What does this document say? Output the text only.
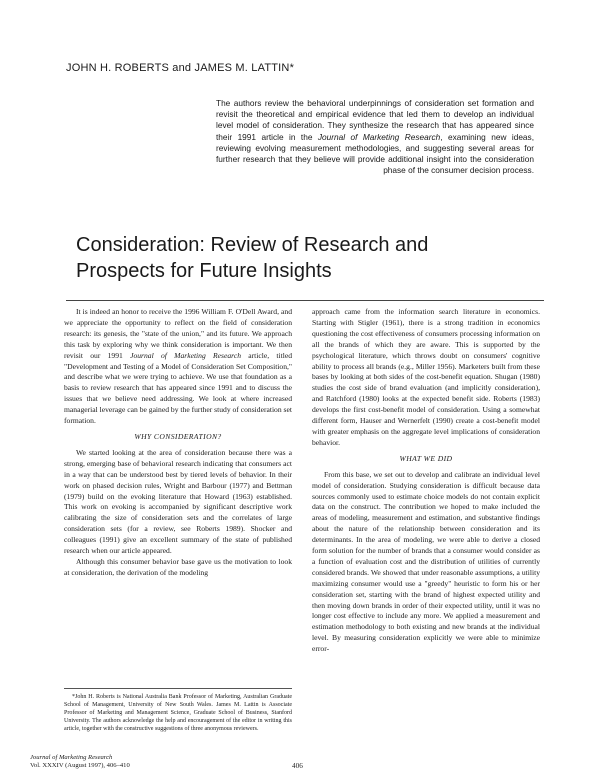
JOHN H. ROBERTS and JAMES M. LATTIN*
The authors review the behavioral underpinnings of consideration set formation and revisit the theoretical and empirical evidence that led them to develop an individual level model of consideration. They synthesize the research that has appeared since their 1991 article in the Journal of Marketing Research, examining new ideas, reviewing evolving measurement methodologies, and suggesting several areas for further research that they believe will provide additional insight into the consideration phase of the consumer decision process.
Consideration: Review of Research and
Prospects for Future Insights

It is indeed an honor to receive the 1996 William F. O'Dell Award, and we appreciate the opportunity to reflect on the field of consideration research: its genesis, the "state of the union," and its future. We approach this task by exploring why we think consideration is important. We then revisit our 1991 Journal of Marketing Research article, titled "Development and Testing of a Model of Consideration Set Composition," and describe what we were trying to achieve. We use that foundation as a basis to review research that has appeared since 1991 and to discuss the issues that we believe need addressing. We look at where increased managerial leverage can be gained by the further study of consideration set formation.

WHY CONSIDERATION?

We started looking at the area of consideration because there was a strong, emerging base of behavioral research indicating that consumers act in a way that can be understood best by tiered levels of behavior. In their work on phased decision rules, Wright and Barbour (1977) and Bettman (1979) build on the evoking literature that Howard (1963) established. This work on evoking is accompanied by significant descriptive work calibrating the size of consideration sets and the correlates of large consideration sets (for a review, see Roberts 1989). Shocker and colleagues (1991) give an excellent summary of the state of published research when our article appeared.

Although this consumer behavior base gave us the motivation to look at consideration, the derivation of the modeling

*John H. Roberts is National Australia Bank Professor of Marketing, Australian Graduate School of Management, University of New South Wales. James M. Lattin is Associate Professor of Marketing and Management Science, Graduate School of Business, Stanford University. The authors acknowledge the help and encouragement of the editor in writing this article, together with the constructive suggestions of three anonymous reviewers.

approach came from the information search literature in economics. Starting with Stigler (1961), there is a strong tradition in economics questioning the cost effectiveness of consumers processing information on all the brands of which they are aware. This is supported by the psychological literature, which throws doubt on consumers' cognitive ability to process all brands (e.g., Miller 1956). Marketers built from these bases by looking at both sides of the cost-benefit equation. Shugan (1980) studies the cost side of brand evaluation (and implicitly consideration), and Ratchford (1980) looks at the expected benefit side. Roberts (1983) develops the first cost-benefit model of consideration. Using a somewhat different form, Hauser and Wernerfelt (1990) create a cost-benefit model with greater emphasis on the aggregate level implications of consideration behavior.

WHAT WE DID

From this base, we set out to develop and calibrate an individual level model of consideration. Studying consideration is difficult because data sources commonly used to estimate choice models do not contain explicit data on the construct. The contribution we hoped to make included the areas of modeling, measurement and estimation, and substantive findings about the nature of the relationship between consideration and its determinants. In the area of modeling, we were able to derive a closed form solution for the number of brands that a consumer would consider as a function of evaluation cost and the distribution of utilities of currently considered brands. We showed that under reasonable assumptions, a utility maximizing consumer would use a "greedy" heuristic to form his or her consideration set, starting with the brand of highest expected utility and then moving down brands in order of their expected utility, until it was no longer cost effective to include any more. We applied a measurement and estimation methodology to both existing and new brands at the individual level. By measuring consideration explicitly we were able to minimize error-

Journal of Marketing Research
Vol. XXXIV (August 1997), 406–410	406
